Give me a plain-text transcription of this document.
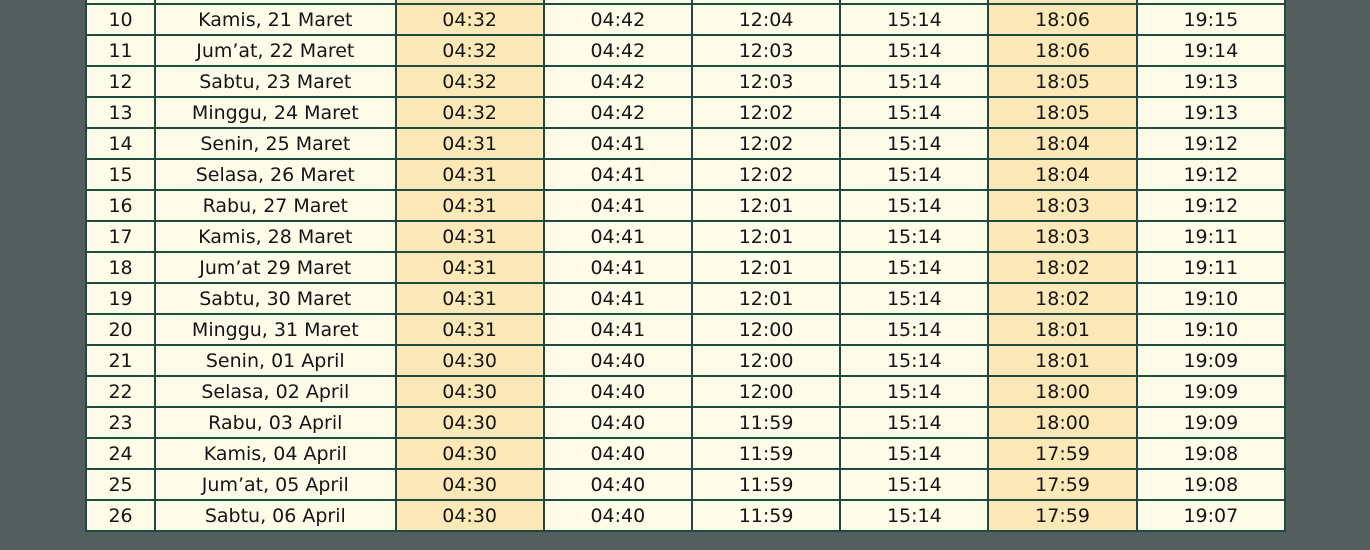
10	Kamis, 21 Maret	04:32	04:42	12:04	15:14	18:06	19:15
11	Jum’at, 22 Maret	04:32	04:42	12:03	15:14	18:06	19:14
12	Sabtu, 23 Maret	04:32	04:42	12:03	15:14	18:05	19:13
13	Minggu, 24 Maret	04:32	04:42	12:02	15:14	18:05	19:13
14	Senin, 25 Maret	04:31	04:41	12:02	15:14	18:04	19:12
15	Selasa, 26 Maret	04:31	04:41	12:02	15:14	18:04	19:12
16	Rabu, 27 Maret	04:31	04:41	12:01	15:14	18:03	19:12
17	Kamis, 28 Maret	04:31	04:41	12:01	15:14	18:03	19:11
18	Jum’at 29 Maret	04:31	04:41	12:01	15:14	18:02	19:11
19	Sabtu, 30 Maret	04:31	04:41	12:01	15:14	18:02	19:10
20	Minggu, 31 Maret	04:31	04:41	12:00	15:14	18:01	19:10
21	Senin, 01 April	04:30	04:40	12:00	15:14	18:01	19:09
22	Selasa, 02 April	04:30	04:40	12:00	15:14	18:00	19:09
23	Rabu, 03 April	04:30	04:40	11:59	15:14	18:00	19:09
24	Kamis, 04 April	04:30	04:40	11:59	15:14	17:59	19:08
25	Jum’at, 05 April	04:30	04:40	11:59	15:14	17:59	19:08
26	Sabtu, 06 April	04:30	04:40	11:59	15:14	17:59	19:07
